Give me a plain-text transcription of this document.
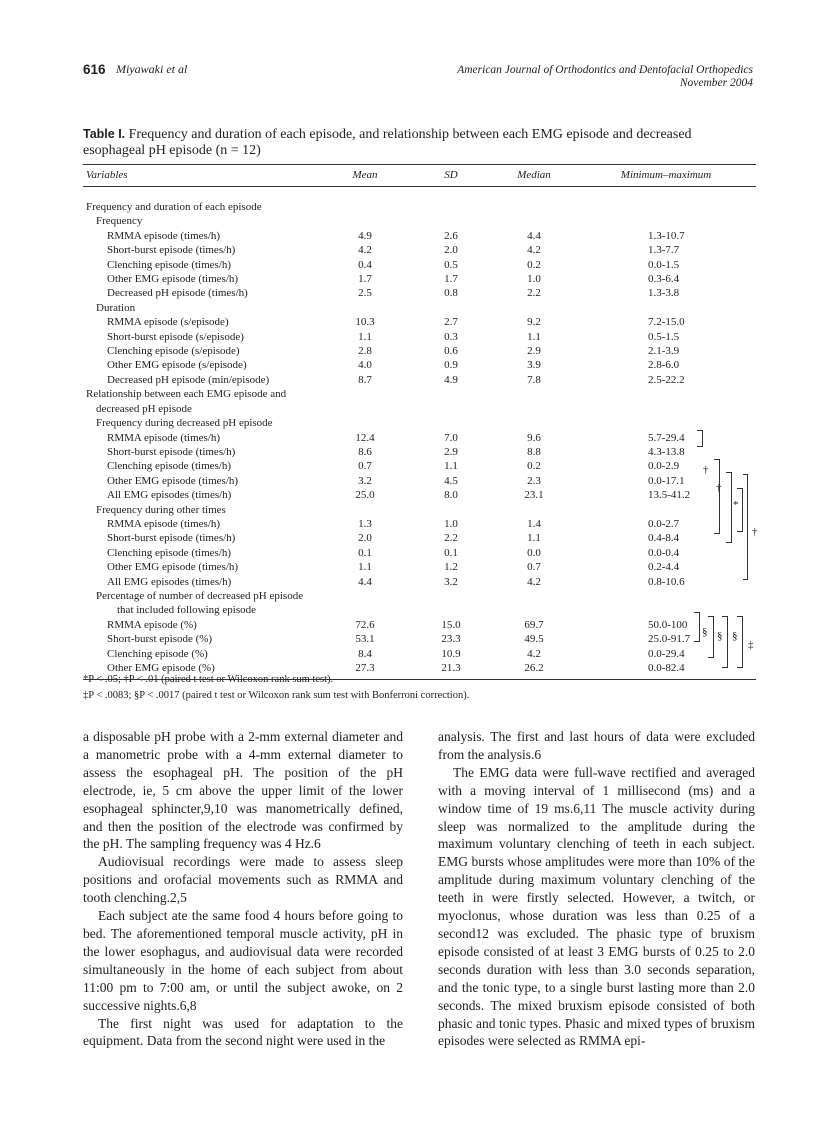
616 Miyawaki et al	American Journal of Orthodontics and Dentofacial Orthopedics
November 2004
Table I. Frequency and duration of each episode, and relationship between each EMG episode and decreased esophageal pH episode (n = 12)
Variables	Mean	SD	Median	Minimum–maximum
Frequency and duration of each episode				
Frequency				
RMMA episode (times/h)	4.9	2.6	4.4	1.3-10.7
Short-burst episode (times/h)	4.2	2.0	4.2	1.3-7.7
Clenching episode (times/h)	0.4	0.5	0.2	0.0-1.5
Other EMG episode (times/h)	1.7	1.7	1.0	0.3-6.4
Decreased pH episode (times/h)	2.5	0.8	2.2	1.3-3.8
Duration				
RMMA episode (s/episode)	10.3	2.7	9.2	7.2-15.0
Short-burst episode (s/episode)	1.1	0.3	1.1	0.5-1.5
Clenching episode (s/episode)	2.8	0.6	2.9	2.1-3.9
Other EMG episode (s/episode)	4.0	0.9	3.9	2.8-6.0
Decreased pH episode (min/episode)	8.7	4.9	7.8	2.5-22.2
Relationship between each EMG episode and				
decreased pH episode				
Frequency during decreased pH episode				
RMMA episode (times/h)	12.4	7.0	9.6	5.7-29.4
Short-burst episode (times/h)	8.6	2.9	8.8	4.3-13.8
Clenching episode (times/h)	0.7	1.1	0.2	0.0-2.9
Other EMG episode (times/h)	3.2	4.5	2.3	0.0-17.1
All EMG episodes (times/h)	25.0	8.0	23.1	13.5-41.2
Frequency during other times				
RMMA episode (times/h)	1.3	1.0	1.4	0.0-2.7
Short-burst episode (times/h)	2.0	2.2	1.1	0.4-8.4
Clenching episode (times/h)	0.1	0.1	0.0	0.0-0.4
Other EMG episode (times/h)	1.1	1.2	0.7	0.2-4.4
All EMG episodes (times/h)	4.4	3.2	4.2	0.8-10.6
Percentage of number of decreased pH episode				
that included following episode				
RMMA episode (%)	72.6	15.0	69.7	50.0-100
Short-burst episode (%)	53.1	23.3	49.5	25.0-91.7
Clenching episode (%)	8.4	10.9	4.2	0.0-29.4
Other EMG episode (%)	27.3	21.3	26.2	0.0-82.4
†
†
*
†
§ § §
‡
*P < .05; †P < .01 (paired t test or Wilcoxon rank sum test).
‡P < .0083; §P < .0017 (paired t test or Wilcoxon rank sum test with Bonferroni correction).

a disposable pH probe with a 2-mm external diameter and a manometric probe with a 4-mm external diameter to assess the esophageal pH. The position of the pH electrode, ie, 5 cm above the upper limit of the lower esophageal sphincter,9,10 was manometrically defined, and then the position of the electrode was confirmed by the pH. The sampling frequency was 4 Hz.6

Audiovisual recordings were made to assess sleep positions and orofacial movements such as RMMA and tooth clenching.2,5

Each subject ate the same food 4 hours before going to bed. The aforementioned temporal muscle activity, pH in the lower esophagus, and audiovisual data were recorded simultaneously in the home of each subject from about 11:00 pm to 7:00 am, or until the subject awoke, on 2 successive nights.6,8

The first night was used for adaptation to the equipment. Data from the second night were used in the

analysis. The first and last hours of data were excluded from the analysis.6

The EMG data were full-wave rectified and averaged with a moving interval of 1 millisecond (ms) and a window time of 19 ms.6,11 The muscle activity during sleep was normalized to the amplitude during the maximum voluntary clenching of teeth in each subject. EMG bursts whose amplitudes were more than 10% of the amplitude during maximum voluntary clenching of the teeth in were firstly selected. However, a twitch, or myoclonus, whose duration was less than 0.25 of a second12 was excluded. The phasic type of bruxism episode consisted of at least 3 EMG bursts of 0.25 to 2.0 seconds duration with less than 3.0 seconds separation, and the tonic type, to a single burst lasting more than 2.0 seconds. The mixed bruxism episode consisted of both phasic and tonic types. Phasic and mixed types of bruxism episodes were selected as RMMA epi-
